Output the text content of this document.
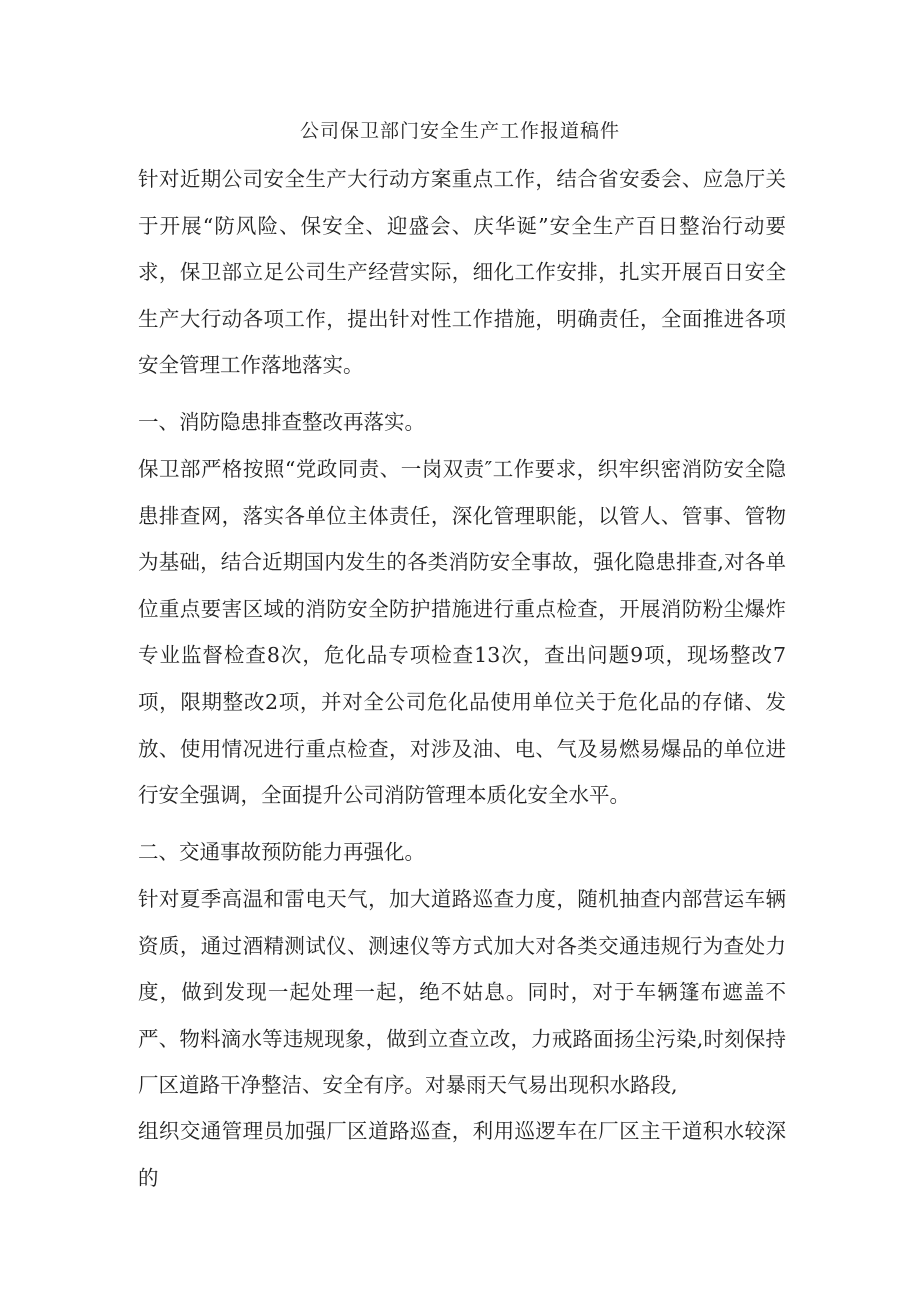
公司保卫部门安全生产工作报道稿件
针对近期公司安全生产大行动方案重点工作，结合省安委会、应急厅关于开展“防风险、保安全、迎盛会、庆华诞”安全生产百日整治行动要求，保卫部立足公司生产经营实际，细化工作安排，扎实开展百日安全生产大行动各项工作，提出针对性工作措施，明确责任，全面推进各项安全管理工作落地落实。
一、消防隐患排查整改再落实。
保卫部严格按照“党政同责、一岗双责″工作要求，织牢织密消防安全隐患排查网，落实各单位主体责任，深化管理职能，以管人、管事、管物为基础，结合近期国内发生的各类消防安全事故，强化隐患排查,对各单位重点要害区域的消防安全防护措施进行重点检查，开展消防粉尘爆炸专业监督检查8次，危化品专项检查13次，查出问题9项，现场整改7项，限期整改2项，并对全公司危化品使用单位关于危化品的存储、发放、使用情况进行重点检查，对涉及油、电、气及易燃易爆品的单位进行安全强调，全面提升公司消防管理本质化安全水平。
二、交通事故预防能力再强化。
针对夏季高温和雷电天气，加大道路巡查力度，随机抽查内部营运车辆资质，通过酒精测试仪、测速仪等方式加大对各类交通违规行为查处力度，做到发现一起处理一起，绝不姑息。同时，对于车辆篷布遮盖不严、物料滴水等违规现象，做到立查立改，力戒路面扬尘污染,时刻保持厂区道路干净整洁、安全有序。对暴雨天气易出现积水路段,
组织交通管理员加强厂区道路巡查，利用巡逻车在厂区主干道积水较深的
